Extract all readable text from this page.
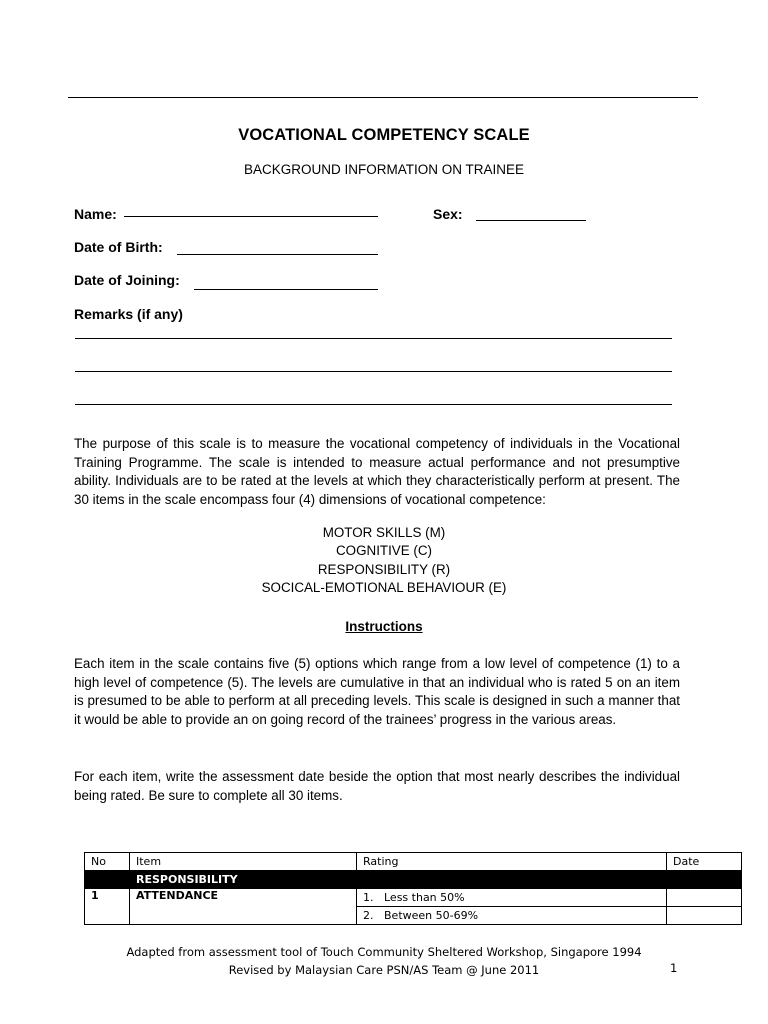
VOCATIONAL COMPETENCY SCALE
BACKGROUND INFORMATION ON TRAINEE
Name:	Sex:
Date of Birth:
Date of Joining:
Remarks (if any)
The purpose of this scale is to measure the vocational competency of individuals in the Vocational Training Programme. The scale is intended to measure actual performance and not presumptive ability. Individuals are to be rated at the levels at which they characteristically perform at present. The 30 items in the scale encompass four (4) dimensions of vocational competence:
MOTOR SKILLS (M)
COGNITIVE (C)
RESPONSIBILITY (R)
SOCICAL-EMOTIONAL BEHAVIOUR (E)
Instructions
Each item in the scale contains five (5) options which range from a low level of competence (1) to a high level of competence (5). The levels are cumulative in that an individual who is rated 5 on an item is presumed to be able to perform at all preceding levels. This scale is designed in such a manner that it would be able to provide an on going record of the trainees’ progress in the various areas.
For each item, write the assessment date beside the option that most nearly describes the individual being rated. Be sure to complete all 30 items.
No	Item	Rating	Date
	RESPONSIBILITY		
1	ATTENDANCE	1. Less than 50%	
		2. Between 50-69%	
Adapted from assessment tool of Touch Community Sheltered Workshop, Singapore 1994
Revised by Malaysian Care PSN/AS Team @ June 2011	1
